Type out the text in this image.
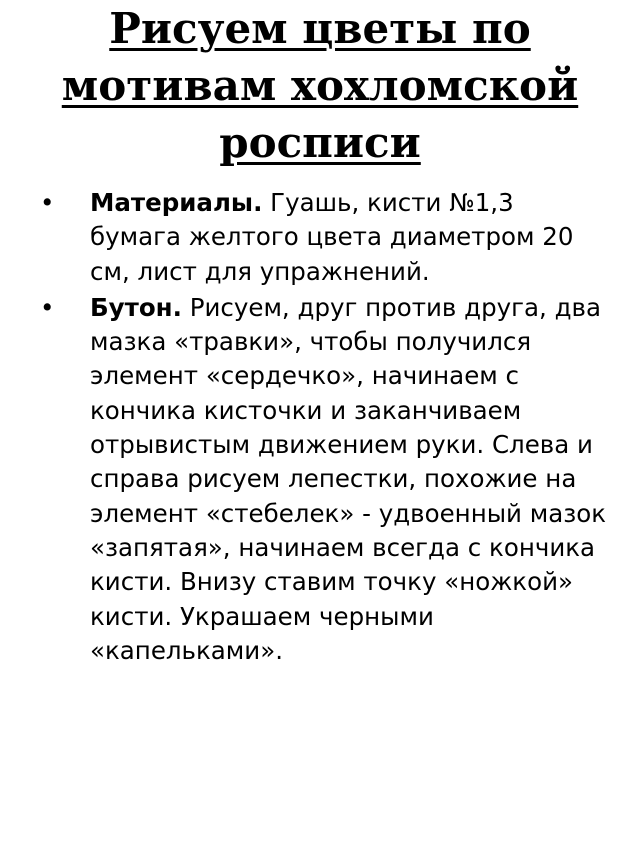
Рисуем цветы по мотивам хохломской росписи
• Материалы. Гуашь, кисти №1,3 бумага желтого цвета диаметром 20 см, лист для упражнений.
• Бутон. Рисуем, друг против друга, два мазка «травки», чтобы получился элемент «сердечко», начинаем с кончика кисточки и заканчиваем отрывистым движением руки. Слева и справа рисуем лепестки, похожие на элемент «стебелек» - удвоенный мазок «запятая», начинаем всегда с кончика кисти. Внизу ставим точку «ножкой» кисти. Украшаем черными «капельками».
